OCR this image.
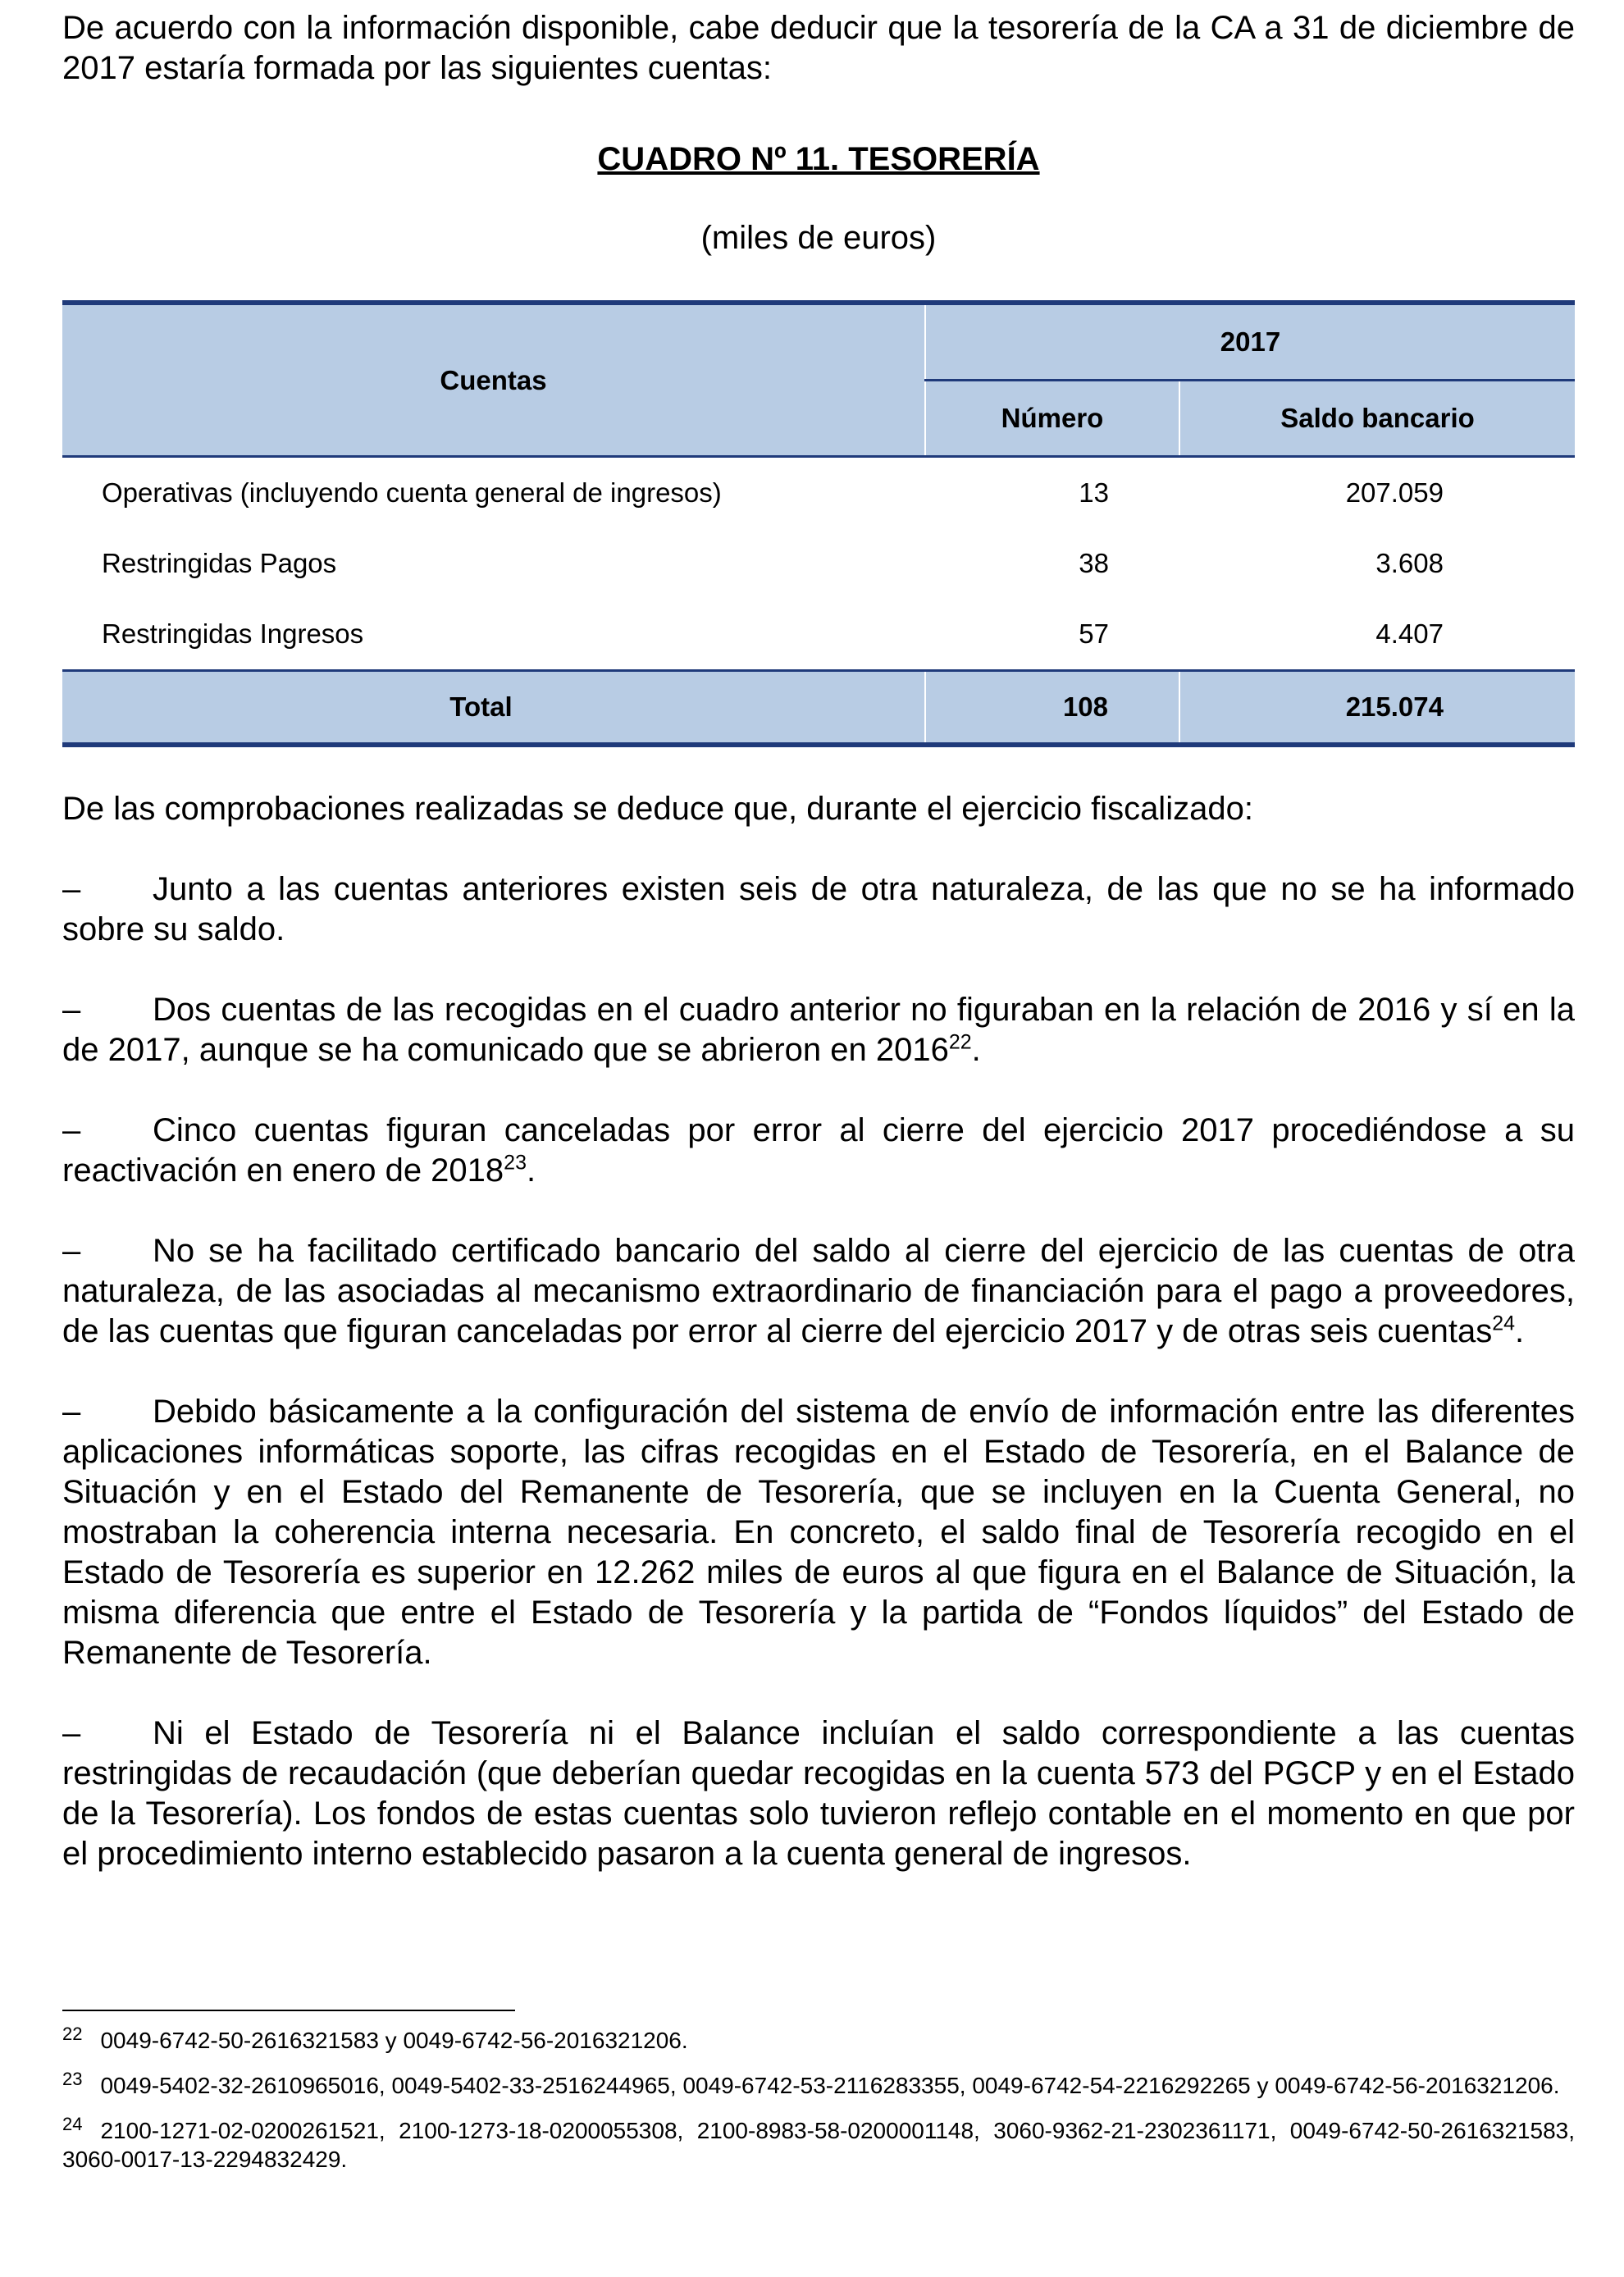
De acuerdo con la información disponible, cabe deducir que la tesorería de la CA a 31 de diciembre de 2017 estaría formada por las siguientes cuentas:

CUADRO Nº 11. TESORERÍA
(miles de euros)
Cuentas	2017	
	Número	Saldo bancario
Operativas (incluyendo cuenta general de ingresos)	13	207.059
Restringidas Pagos	38	3.608
Restringidas Ingresos	57	4.407
Total	108	215.074

De las comprobaciones realizadas se deduce que, durante el ejercicio fiscalizado:

– Junto a las cuentas anteriores existen seis de otra naturaleza, de las que no se ha informado sobre su saldo.

– Dos cuentas de las recogidas en el cuadro anterior no figuraban en la relación de 2016 y sí en la de 2017, aunque se ha comunicado que se abrieron en 2016$^{22}$.

– Cinco cuentas figuran canceladas por error al cierre del ejercicio 2017 procediéndose a su reactivación en enero de 2018$^{23}$.

– No se ha facilitado certificado bancario del saldo al cierre del ejercicio de las cuentas de otra naturaleza, de las asociadas al mecanismo extraordinario de financiación para el pago a proveedores, de las cuentas que figuran canceladas por error al cierre del ejercicio 2017 y de otras seis cuentas$^{24}$.

– Debido básicamente a la configuración del sistema de envío de información entre las diferentes aplicaciones informáticas soporte, las cifras recogidas en el Estado de Tesorería, en el Balance de Situación y en el Estado del Remanente de Tesorería, que se incluyen en la Cuenta General, no mostraban la coherencia interna necesaria. En concreto, el saldo final de Tesorería recogido en el Estado de Tesorería es superior en 12.262 miles de euros al que figura en el Balance de Situación, la misma diferencia que entre el Estado de Tesorería y la partida de “Fondos líquidos” del Estado de Remanente de Tesorería.

– Ni el Estado de Tesorería ni el Balance incluían el saldo correspondiente a las cuentas restringidas de recaudación (que deberían quedar recogidas en la cuenta 573 del PGCP y en el Estado de la Tesorería). Los fondos de estas cuentas solo tuvieron reflejo contable en el momento en que por el procedimiento interno establecido pasaron a la cuenta general de ingresos.

$^{22}$ 0049-6742-50-2616321583 y 0049-6742-56-2016321206.

$^{23}$ 0049-5402-32-2610965016, 0049-5402-33-2516244965, 0049-6742-53-2116283355, 0049-6742-54-2216292265 y 0049-6742-56-2016321206.

$^{24}$ 2100-1271-02-0200261521, 2100-1273-18-0200055308, 2100-8983-58-0200001148, 3060-9362-21-2302361171, 0049-6742-50-2616321583, 3060-0017-13-2294832429.
